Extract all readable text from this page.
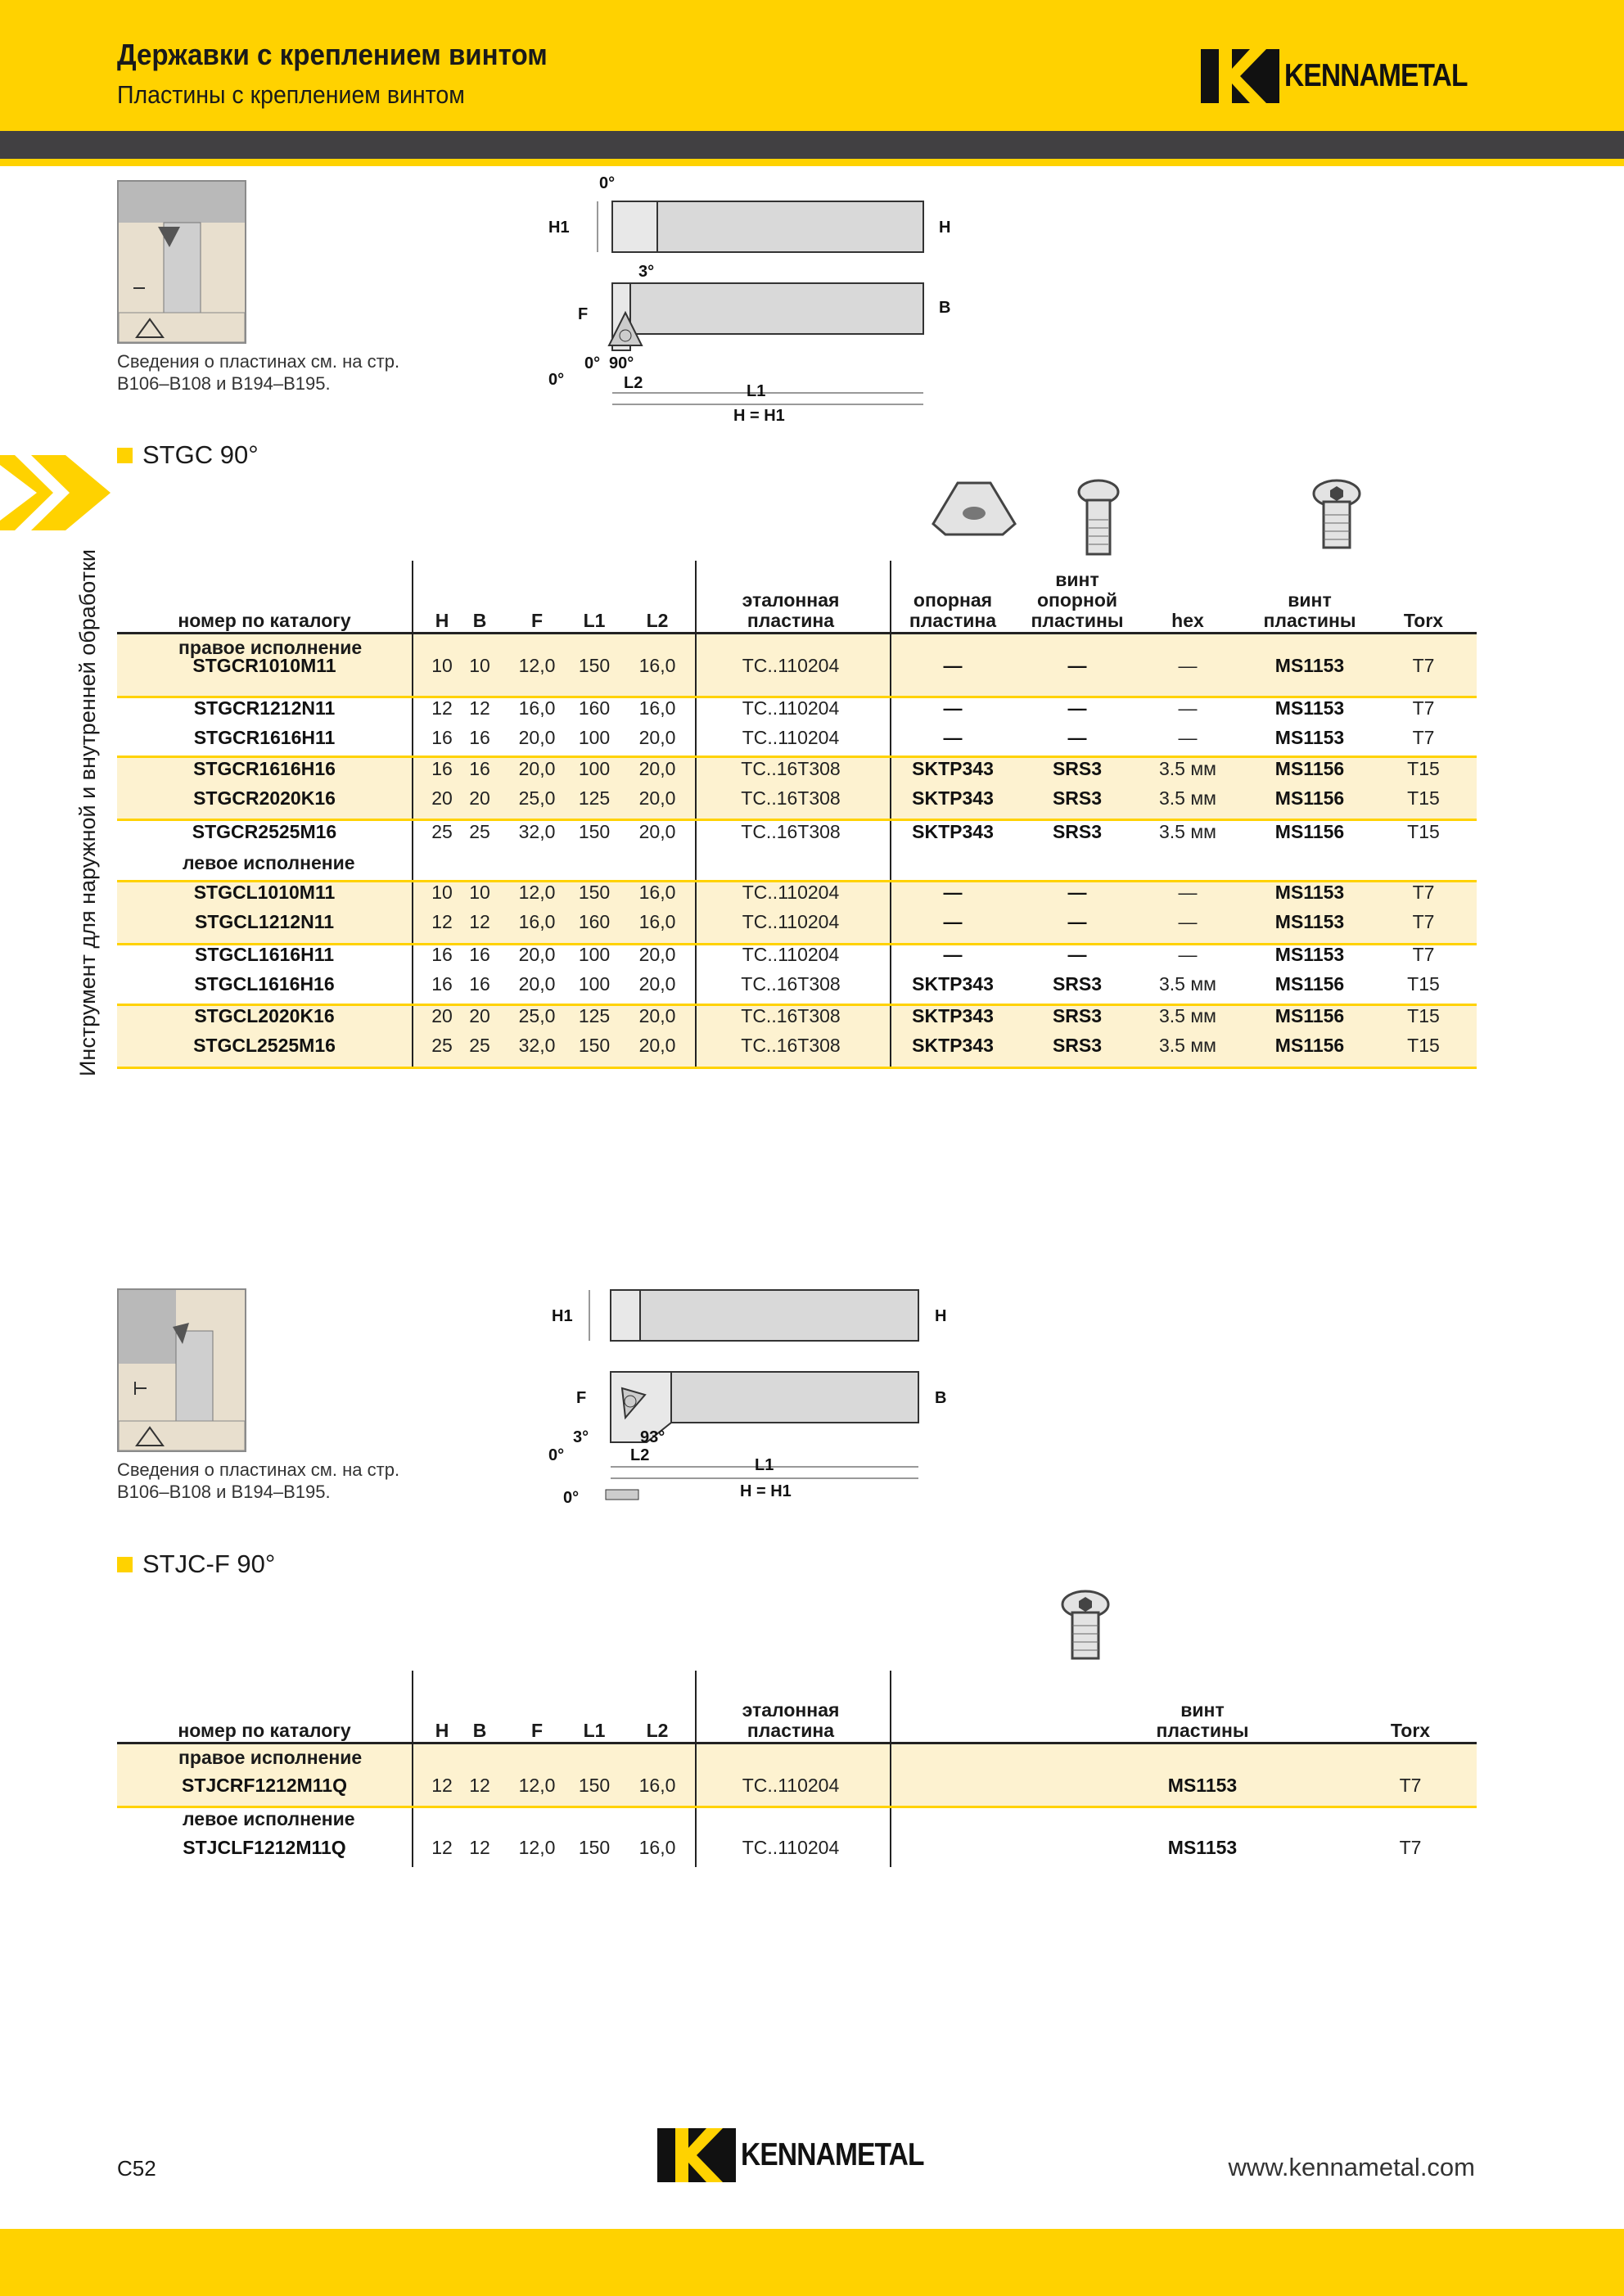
Державки с креплением винтом
Пластины с креплением винтом
KENNAMETAL
Инструмент для наружной и внутренней обработки
Сведения о пластинах см. на стр. B106–B108 и B194–B195.
H1	H
0°
3°
F	B
0° 90°
0°	L2	L1
H = H1
STGC 90°
номер по каталогу	H	B	F	L1	L2
эталонная
пластина
опорная
пластина
винт
опорной
пластины	hex
винт
пластины	Torx
правое исполнение
левое исполнение
STGCR1010M11	10 10	12,0	150	16,0	TC..110204	—	—	—	MS1153	T7
STGCR1212N11	12 12	16,0	160	16,0	TC..110204	—	—	—	MS1153	T7
STGCR1616H11	16 16	20,0	100	20,0	TC..110204	—	—	—	MS1153	T7
STGCR1616H16	16 16	20,0	100	20,0	TC..16T308	SKTP343	SRS3	3.5 мм	MS1156	T15
STGCR2020K16	20 20	25,0	125	20,0	TC..16T308	SKTP343	SRS3	3.5 мм	MS1156	T15
STGCR2525M16	25 25	32,0	150	20,0	TC..16T308	SKTP343	SRS3	3.5 мм	MS1156	T15
STGCL1010M11	10 10	12,0	150	16,0	TC..110204	—	—	—	MS1153	T7
STGCL1212N11	12 12	16,0	160	16,0	TC..110204	—	—	—	MS1153	T7
STGCL1616H11	16 16	20,0	100	20,0	TC..110204	—	—	—	MS1153	T7
STGCL1616H16	16 16	20,0	100	20,0	TC..16T308	SKTP343	SRS3	3.5 мм	MS1156	T15
STGCL2020K16	20 20	25,0	125	20,0	TC..16T308	SKTP343	SRS3	3.5 мм	MS1156	T15
STGCL2525M16	25 25	32,0	150	20,0	TC..16T308	SKTP343	SRS3	3.5 мм	MS1156	T15
Сведения о пластинах см. на стр. B106–B108 и B194–B195.
H1	H
F	B
3°	93°
0°	L2
L1
H = H1
0°
STJC-F 90°
номер по каталогу	H	B	F	L1	L2
эталонная
пластина
винт
пластины	Torx
правое исполнение
левое исполнение
STJCRF1212M11Q	12 12	12,0	150	16,0	TC..110204	MS1153	T7
STJCLF1212M11Q	12 12	12,0	150	16,0	TC..110204	MS1153	T7
C52	KENNAMETAL	www.kennametal.com
